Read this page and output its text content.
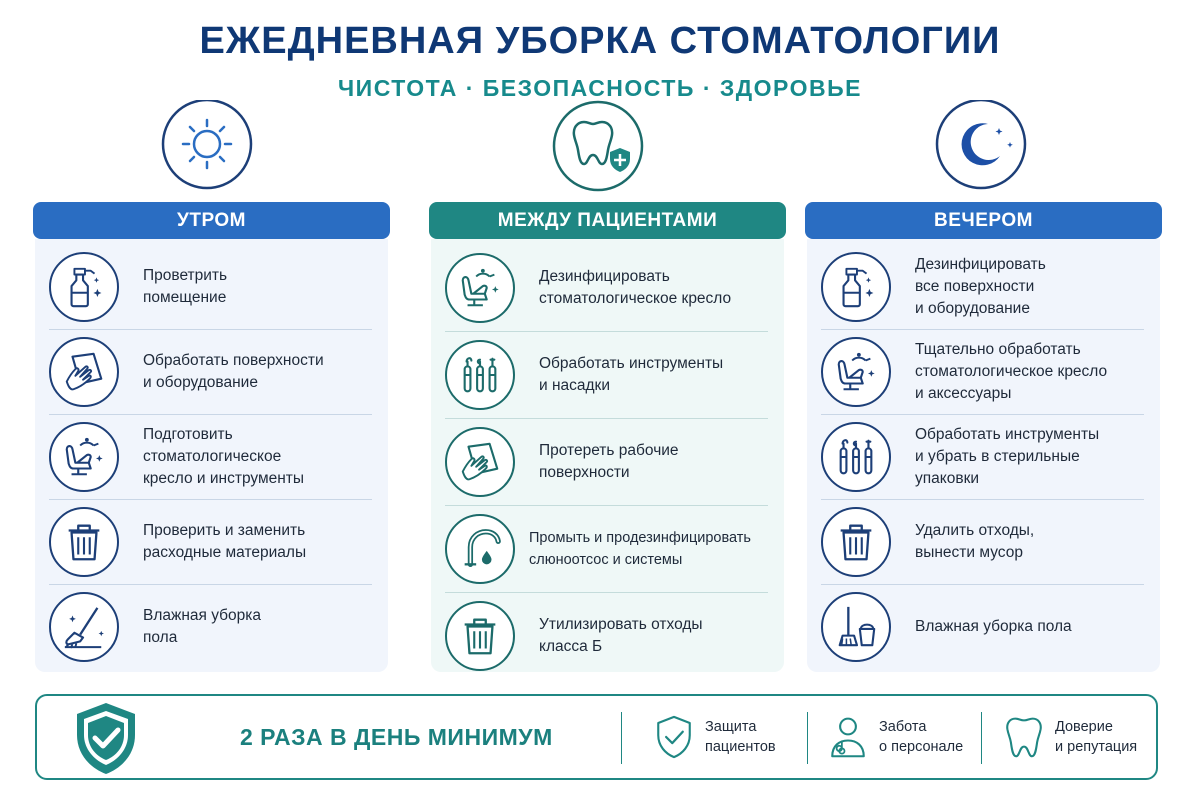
ЕЖЕДНЕВНАЯ УБОРКА СТОМАТОЛОГИИ
ЧИСТОТА · БЕЗОПАСНОСТЬ · ЗДОРОВЬЕ
УТРОМ
Проветрить
помещение
Обработать поверхности
и оборудование
Подготовить
стоматологическое
кресло и инструменты
Проверить и заменить
расходные материалы
Влажная уборка
пола
МЕЖДУ ПАЦИЕНТАМИ
Дезинфицировать
стоматологическое кресло
Обработать инструменты
и насадки
Протереть рабочие
поверхности
Промыть и продезинфицировать
слюноотсос и системы
Утилизировать отходы
класса Б
ВЕЧЕРОМ
Дезинфицировать
все поверхности
и оборудование
Тщательно обработать
стоматологическое кресло
и аксессуары
Обработать инструменты
и убрать в стерильные
упаковки
Удалить отходы,
вынести мусор
Влажная уборка пола
2 РАЗА В ДЕНЬ МИНИМУМ	Защита
пациентов
Забота
о персонале
Доверие
и репутация
